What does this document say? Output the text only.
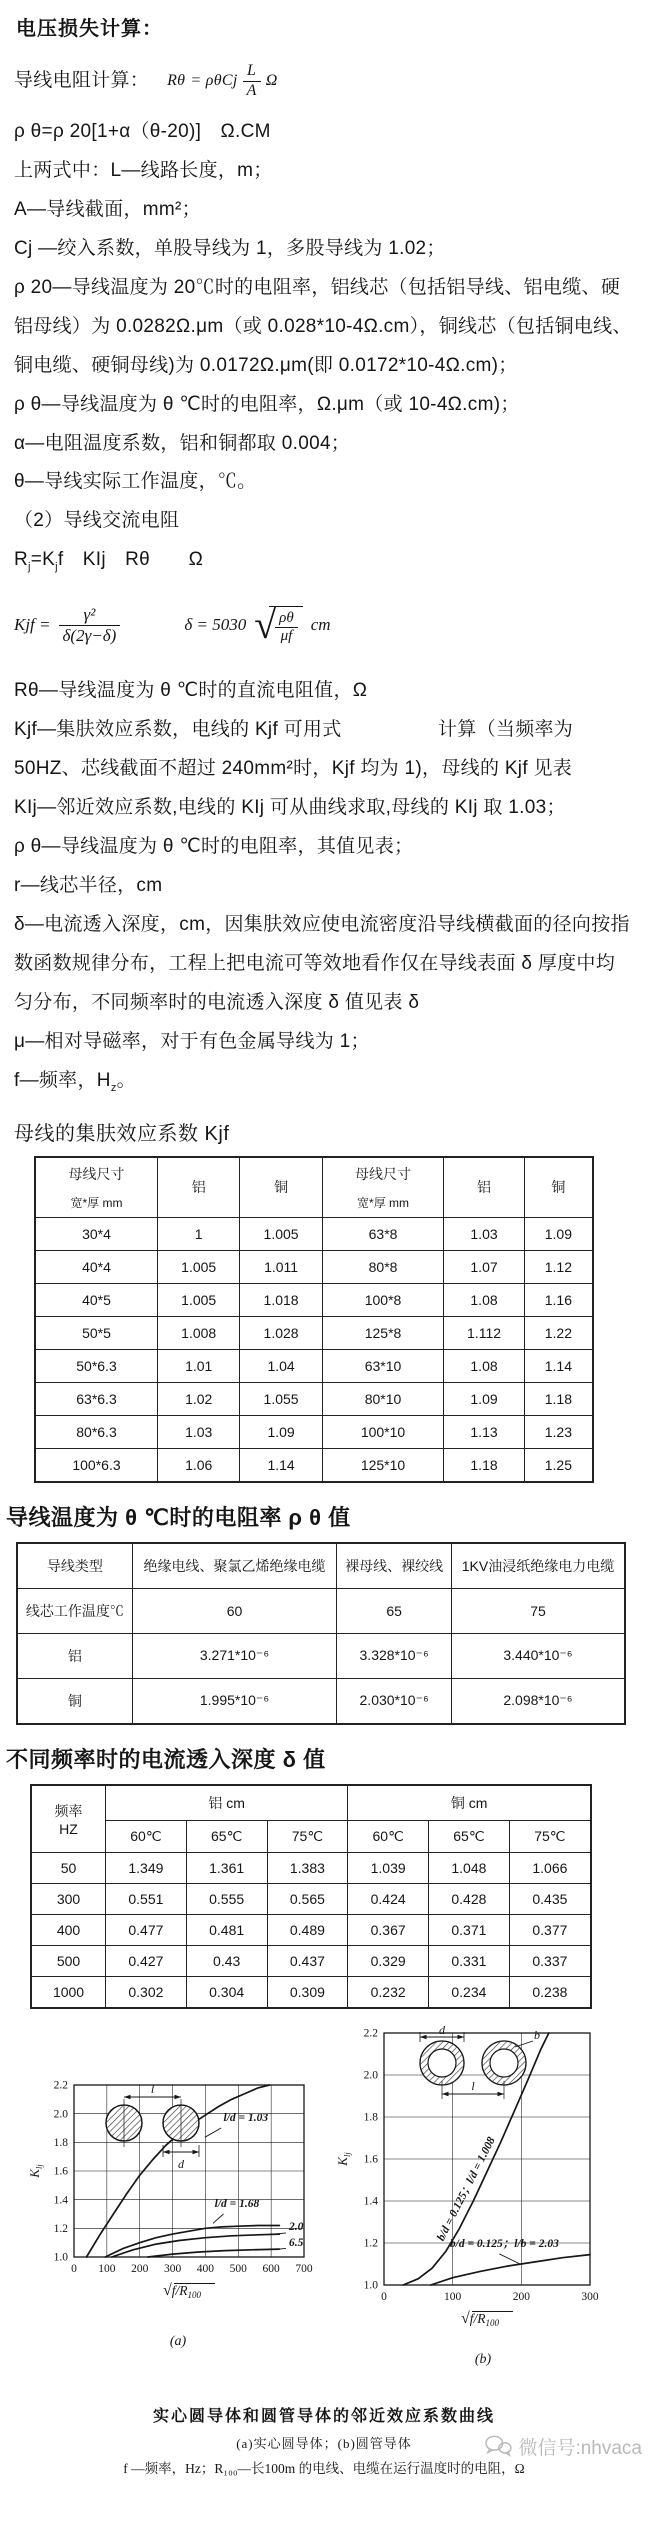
电压损失计算：

导线电阻计算： Rθ = ρθCj $\frac{L}{A}$ Ω

ρ θ=ρ 20[1+α（θ-20)]　Ω.CM

上两式中：L—线路长度，m；

A—导线截面，mm²；

Cj —绞入系数，单股导线为 1，多股导线为 1.02；

ρ 20—导线温度为 20℃时的电阻率，铝线芯（包括铝导线、铝电缆、硬铝母线）为 0.0282Ω.μm（或 0.028*10-4Ω.cm），铜线芯（包括铜电线、铜电缆、硬铜母线)为 0.0172Ω.μm(即 0.0172*10-4Ω.cm)；

ρ θ—导线温度为 θ ℃时的电阻率，Ω.μm（或 10-4Ω.cm)；

α—电阻温度系数，铝和铜都取 0.004；

θ—导线实际工作温度，℃。

（2）导线交流电阻

$R_j=K_jf$　KIj　Rθ　　Ω

Kjf = $\frac{\text{γ²}}{\delta(2\gamma-\delta)}$	δ = 5030 √ $\frac{\rho\theta}{\mu f}$ cm

Rθ—导线温度为 θ ℃时的直流电阻值，Ω

Kjf—集肤效应系数，电线的 Kjf 可用式　　　　　计算（当频率为 50HZ、芯线截面不超过 240mm²时，Kjf 均为 1)，母线的 Kjf 见表

KIj—邻近效应系数,电线的 KIj 可从曲线求取,母线的 KIj 取 1.03；

ρ θ—导线温度为 θ ℃时的电阻率，其值见表；

r—线芯半径，cm

δ—电流透入深度，cm，因集肤效应使电流密度沿导线横截面的径向按指数函数规律分布，工程上把电流可等效地看作仅在导线表面 δ 厚度中均匀分布，不同频率时的电流透入深度 δ 值见表 δ

μ—相对导磁率，对于有色金属导线为 1；

f—频率，$H_z$。

母线的集肤效应系数 Kjf
母线尺寸
宽*厚 mm
	铝	铜	
母线尺寸
宽*厚 mm
	铝	铜
30*4	1	1.005	63*8	1.03	1.09
40*4	1.005	1.011	80*8	1.07	1.12
40*5	1.005	1.018	100*8	1.08	1.16
50*5	1.008	1.028	125*8	1.112	1.22
50*6.3	1.01	1.04	63*10	1.08	1.14
63*6.3	1.02	1.055	80*10	1.09	1.18
80*6.3	1.03	1.09	100*10	1.13	1.23
100*6.3	1.06	1.14	125*10	1.18	1.25
导线温度为 θ ℃时的电阻率 ρ θ 值
导线类型	绝缘电线、聚氯乙烯绝缘电缆	裸母线、裸绞线	1KV油浸纸绝缘电力电缆
线芯工作温度℃	60	65	75
铝	3.271*10⁻⁶	3.328*10⁻⁶	3.440*10⁻⁶
铜	1.995*10⁻⁶	2.030*10⁻⁶	2.098*10⁻⁶
不同频率时的电流透入深度 δ 值
频率
HZ	铝 cm			铜 cm		
	60℃	65℃	75℃	60℃	65℃	75℃
50	1.349	1.361	1.383	1.039	1.048	1.066
300	0.551	0.555	0.565	0.424	0.428	0.435
400	0.477	0.481	0.489	0.367	0.371	0.377
500	0.427	0.43	0.437	0.329	0.331	0.337
1000	0.302	0.304	0.309	0.232	0.234	0.238
1.0
1.2
1.4
1.6
1.8
2.0
2.2
0 100 200 300 400 500 600 700
$K_{lj}$
$√f/R_{100}$
l/d = 1.03
l/d = 1.68
2.0
6.5
l
d
(a)
1.0
1.2
1.4
1.6
1.8
2.0
2.2
0	100	200	300
$K_{lj}$
$√f/R_{100}$
b/d = 0.125；l/d = 1.008
b/d = 0.125；l/b = 2.03
d	b
l
(b)
实心圆导体和圆管导体的邻近效应系数曲线
(a)实心圆导体；(b)圆管导体
f —频率，Hz；R₁₀₀—长100m 的电线、电缆在运行温度时的电阻，Ω
微信号:nhvaca
